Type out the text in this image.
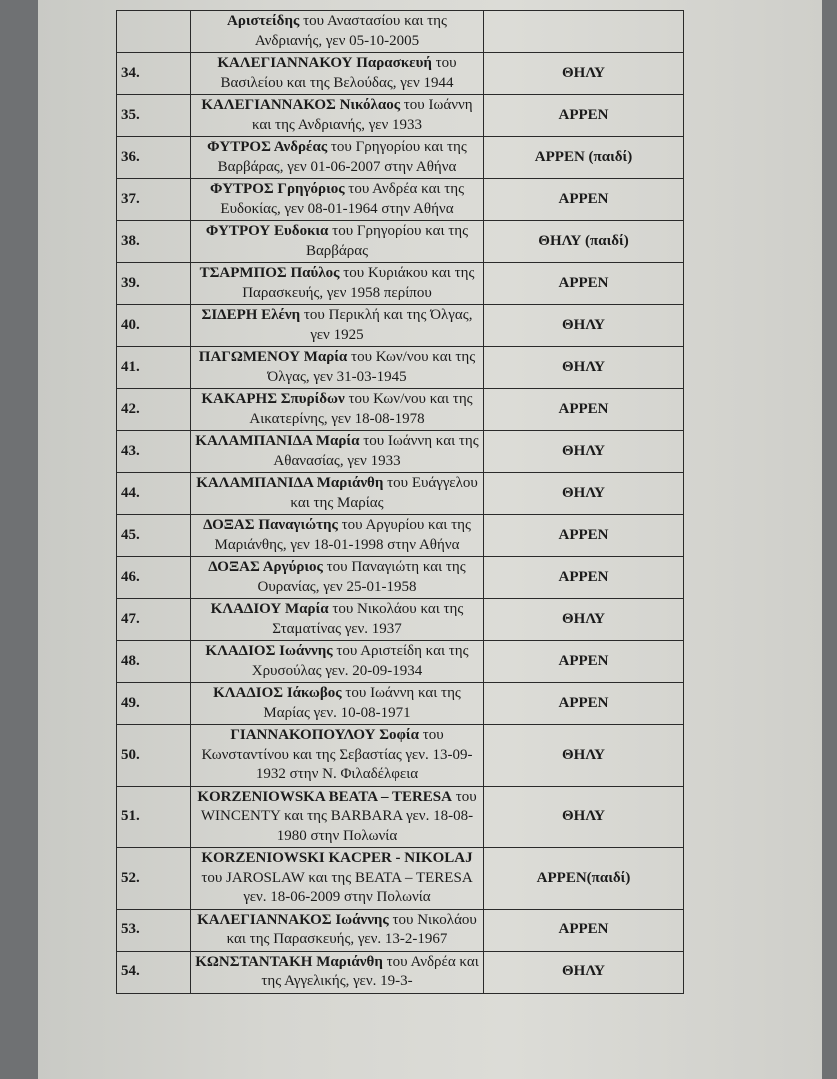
	Αριστείδης του Αναστασίου και της Ανδριανής, γεν 05-10-2005	
34.	ΚΑΛΕΓΙΑΝΝΑΚΟΥ Παρασκευή του Βασιλείου και της Βελούδας, γεν 1944	ΘΗΛΥ
35.	ΚΑΛΕΓΙΑΝΝΑΚΟΣ Νικόλαος του Ιωάννη και της Ανδριανής, γεν 1933	ΑΡΡΕΝ
36.	ΦΥΤΡΟΣ Ανδρέας του Γρηγορίου και της Βαρβάρας, γεν 01-06-2007 στην Αθήνα	ΑΡΡΕΝ (παιδί)
37.	ΦΥΤΡΟΣ Γρηγόριος του Ανδρέα και της Ευδοκίας, γεν 08-01-1964 στην Αθήνα	ΑΡΡΕΝ
38.	ΦΥΤΡΟΥ Ευδοκια του Γρηγορίου και της Βαρβάρας	ΘΗΛΥ (παιδί)
39.	ΤΣΑΡΜΠΟΣ Παύλος του Κυριάκου και της Παρασκευής, γεν 1958 περίπου	ΑΡΡΕΝ
40.	ΣΙΔΕΡΗ Ελένη του Περικλή και της Όλγας, γεν 1925	ΘΗΛΥ
41.	ΠΑΓΩΜΕΝΟΥ Μαρία του Κων/νου και της Όλγας, γεν 31-03-1945	ΘΗΛΥ
42.	ΚΑΚΑΡΗΣ Σπυρίδων του Κων/νου και της Αικατερίνης, γεν 18-08-1978	ΑΡΡΕΝ
43.	ΚΑΛΑΜΠΑΝΙΔΑ Μαρία του Ιωάννη και της Αθανασίας, γεν 1933	ΘΗΛΥ
44.	ΚΑΛΑΜΠΑΝΙΔΑ Μαριάνθη του Ευάγγελου και της Μαρίας	ΘΗΛΥ
45.	ΔΟΞΑΣ Παναγιώτης του Αργυρίου και της Μαριάνθης, γεν 18-01-1998 στην Αθήνα	ΑΡΡΕΝ
46.	ΔΟΞΑΣ Αργύριος του Παναγιώτη και της Ουρανίας, γεν 25-01-1958	ΑΡΡΕΝ
47.	ΚΛΑΔΙΟΥ Μαρία του Νικολάου και της Σταματίνας γεν. 1937	ΘΗΛΥ
48.	ΚΛΑΔΙΟΣ Ιωάννης του Αριστείδη και της Χρυσούλας γεν. 20-09-1934	ΑΡΡΕΝ
49.	ΚΛΑΔΙΟΣ Ιάκωβος του Ιωάννη και της Μαρίας γεν. 10-08-1971	ΑΡΡΕΝ
50.	ΓΙΑΝΝΑΚΟΠΟΥΛΟΥ Σοφία του Κωνσταντίνου και της Σεβαστίας γεν. 13-09-1932 στην Ν. Φιλαδέλφεια	ΘΗΛΥ
51.	KORZENIOWSKA BEATA – TERESA του WINCENTY και της BARBARA γεν. 18-08-1980 στην Πολωνία	ΘΗΛΥ
52.	KORZENIOWSKI KACPER - NIKOLAJ του JAROSLAW και της BEATA – TERESA γεν. 18-06-2009 στην Πολωνία	ΑΡΡΕΝ(παιδί)
53.	ΚΑΛΕΓΙΑΝΝΑΚΟΣ Ιωάννης του Νικολάου και της Παρασκευής, γεν. 13-2-1967	ΑΡΡΕΝ
54.	ΚΩΝΣΤΑΝΤΑΚΗ Μαριάνθη του Ανδρέα και της Αγγελικής, γεν. 19-3-	ΘΗΛΥ
